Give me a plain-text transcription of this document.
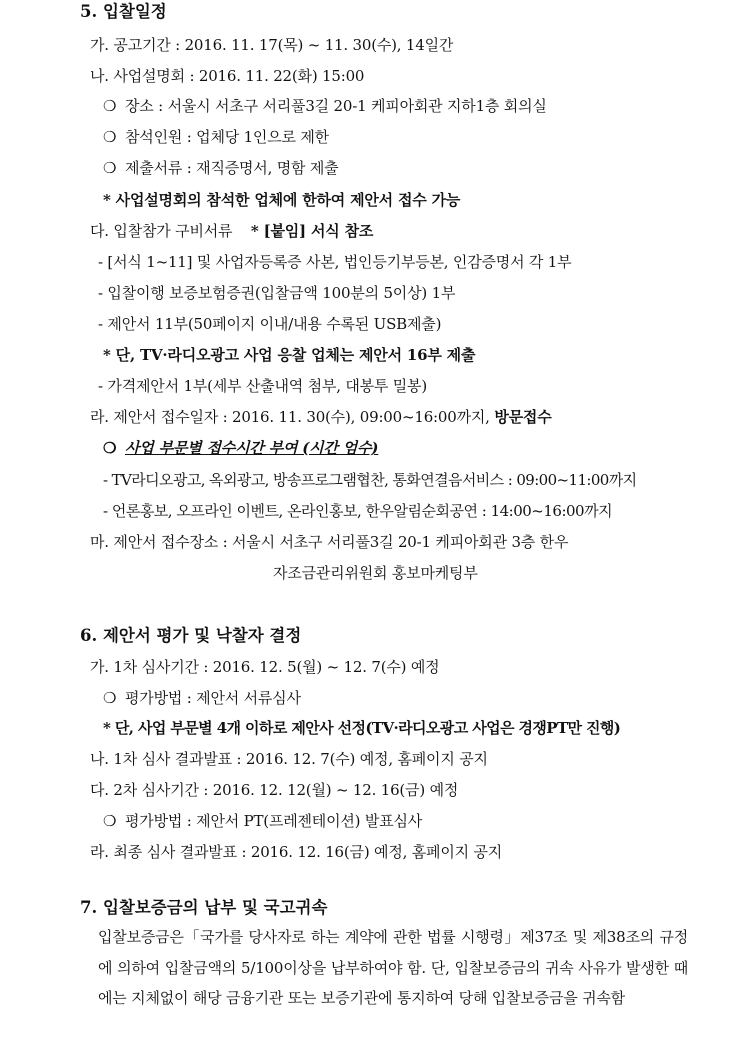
5. 입찰일정
가. 공고기간 : 2016. 11. 17(목) ~ 11. 30(수), 14일간
나. 사업설명회 : 2016. 11. 22(화) 15:00
❍ 장소 : 서울시 서초구 서리풀3길 20-1 케피아회관 지하1층 회의실
❍ 참석인원 : 업체당 1인으로 제한
❍ 제출서류 : 재직증명서, 명함 제출
* 사업설명회의 참석한 업체에 한하여 제안서 접수 가능
다. 입찰참가 구비서류 * [붙임] 서식 참조
- [서식 1~11] 및 사업자등록증 사본, 법인등기부등본, 인감증명서 각 1부
- 입찰이행 보증보험증권(입찰금액 100분의 5이상) 1부
- 제안서 11부(50페이지 이내/내용 수록된 USB제출)
* 단, TV·라디오광고 사업 응찰 업체는 제안서 16부 제출
- 가격제안서 1부(세부 산출내역 첨부, 대봉투 밀봉)
라. 제안서 접수일자 : 2016. 11. 30(수), 09:00~16:00까지, 방문접수
❍ 사업 부문별 접수시간 부여 (시간 엄수)
- TV라디오광고, 옥외광고, 방송프로그램협찬, 통화연결음서비스 : 09:00~11:00까지
- 언론홍보, 오프라인 이벤트, 온라인홍보, 한우알림순회공연 : 14:00~16:00까지
마. 제안서 접수장소 : 서울시 서초구 서리풀3길 20-1 케피아회관 3층 한우
자조금관리위원회 홍보마케팅부
6. 제안서 평가 및 낙찰자 결정
가. 1차 심사기간 : 2016. 12. 5(월) ~ 12. 7(수) 예정
❍ 평가방법 : 제안서 서류심사
* 단, 사업 부문별 4개 이하로 제안사 선정(TV·라디오광고 사업은 경쟁PT만 진행)
나. 1차 심사 결과발표 : 2016. 12. 7(수) 예정, 홈페이지 공지
다. 2차 심사기간 : 2016. 12. 12(월) ~ 12. 16(금) 예정
❍ 평가방법 : 제안서 PT(프레젠테이션) 발표심사
라. 최종 심사 결과발표 : 2016. 12. 16(금) 예정, 홈페이지 공지
7. 입찰보증금의 납부 및 국고귀속
입찰보증금은「국가를 당사자로 하는 계약에 관한 법률 시행령」제37조 및 제38조의 규정에 의하여 입찰금액의 5/100이상을 납부하여야 함. 단, 입찰보증금의 귀속 사유가 발생한 때에는 지체없이 해당 금융기관 또는 보증기관에 통지하여 당해 입찰보증금을 귀속함
